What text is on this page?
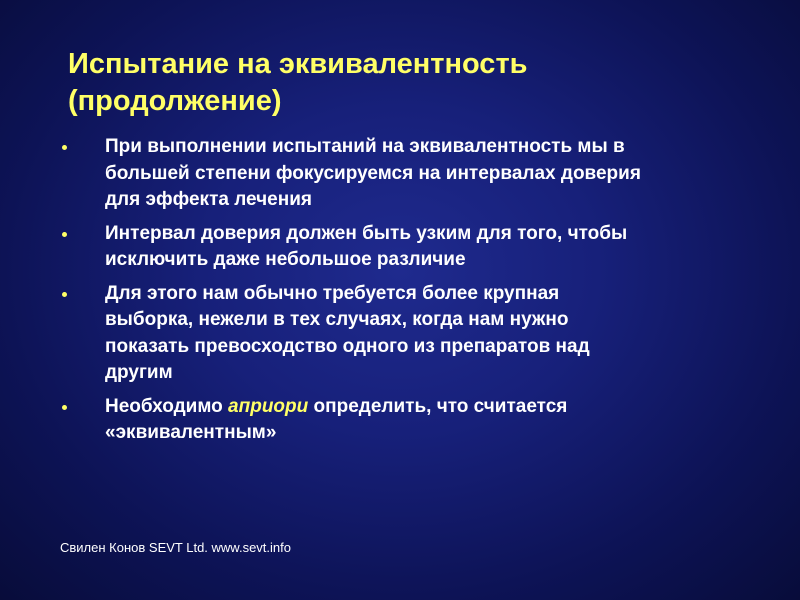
Испытание на эквивалентность
(продолжение)
При выполнении испытаний на эквивалентность мы в
большей степени фокусируемся на интервалах доверия
для эффекта лечения
Интервал доверия должен быть узким для того, чтобы
исключить даже небольшое различие
Для этого нам обычно требуется более крупная
выборка, нежели в тех случаях, когда нам нужно
показать превосходство одного из препаратов над
другим
Необходимо априори определить, что считается
«эквивалентным»
Свилен Конов SEVT Ltd. www.sevt.info
